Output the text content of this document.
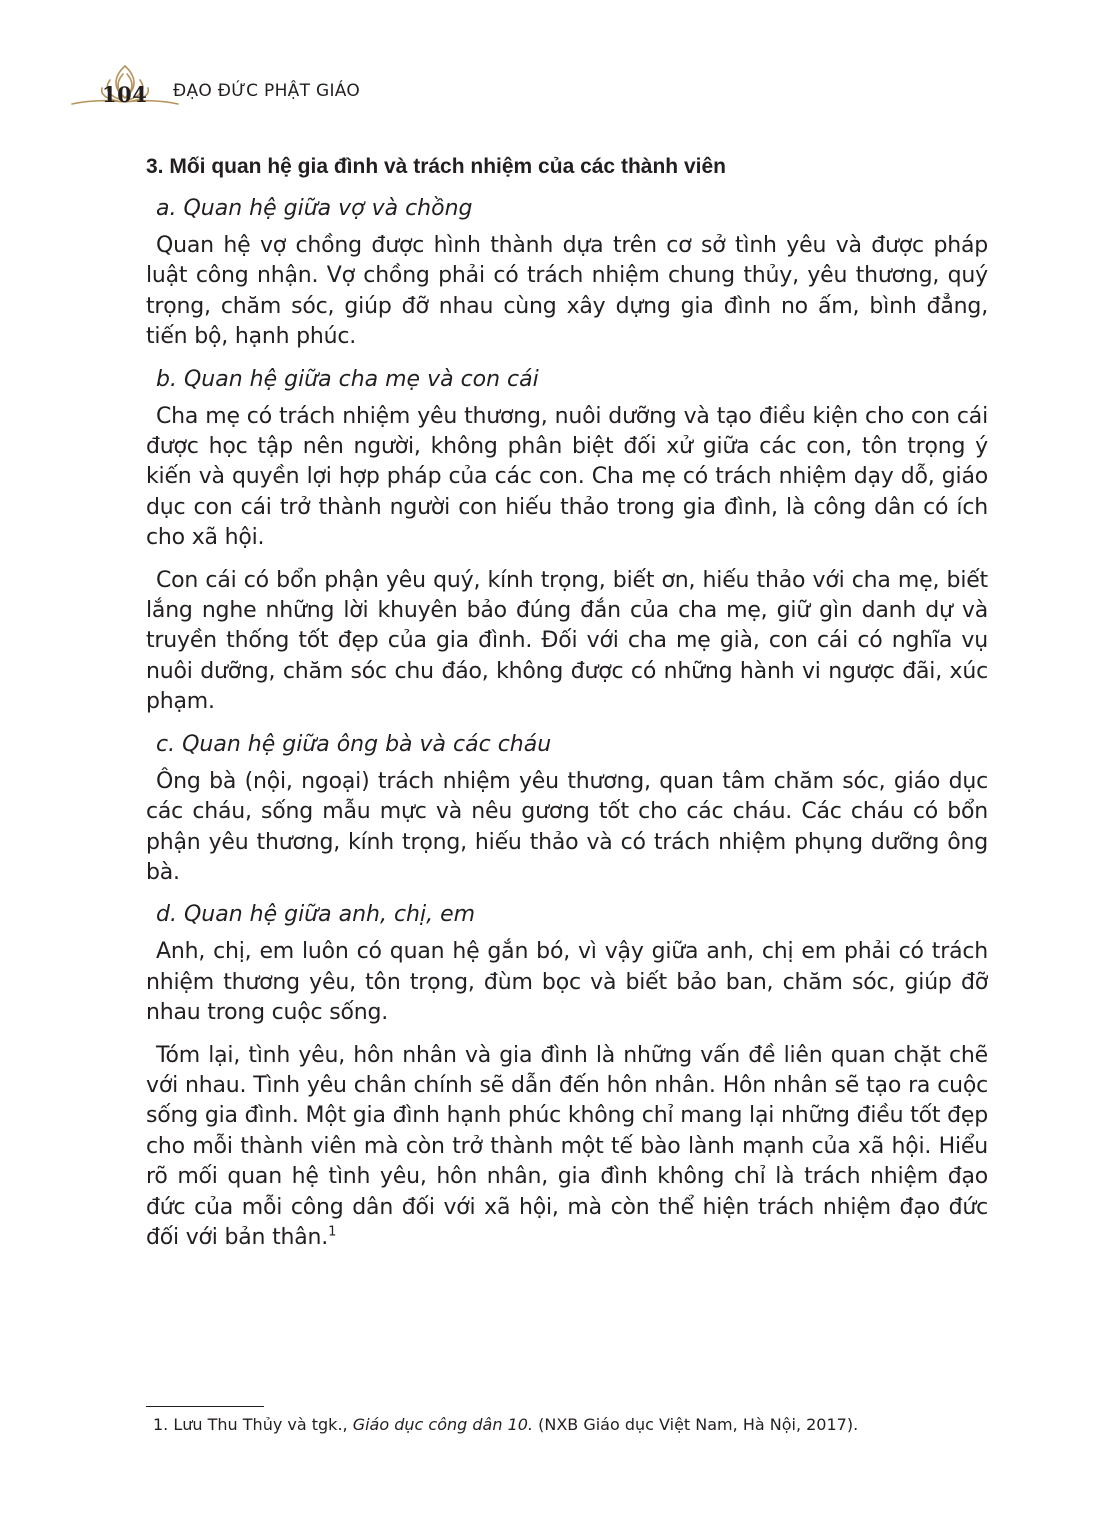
104 ĐẠO ĐỨC PHẬT GIÁO
3. Mối quan hệ gia đình và trách nhiệm của các thành viên

a. Quan hệ giữa vợ và chồng

Quan hệ vợ chồng được hình thành dựa trên cơ sở tình yêu và được pháp luật công nhận. Vợ chồng phải có trách nhiệm chung thủy, yêu thương, quý trọng, chăm sóc, giúp đỡ nhau cùng xây dựng gia đình no ấm, bình đẳng, tiến bộ, hạnh phúc.

b. Quan hệ giữa cha mẹ và con cái

Cha mẹ có trách nhiệm yêu thương, nuôi dưỡng và tạo điều kiện cho con cái được học tập nên người, không phân biệt đối xử giữa các con, tôn trọng ý kiến và quyền lợi hợp pháp của các con. Cha mẹ có trách nhiệm dạy dỗ, giáo dục con cái trở thành người con hiếu thảo trong gia đình, là công dân có ích cho xã hội.

Con cái có bổn phận yêu quý, kính trọng, biết ơn, hiếu thảo với cha mẹ, biết lắng nghe những lời khuyên bảo đúng đắn của cha mẹ, giữ gìn danh dự và truyền thống tốt đẹp của gia đình. Đối với cha mẹ già, con cái có nghĩa vụ nuôi dưỡng, chăm sóc chu đáo, không được có những hành vi ngược đãi, xúc phạm.

c. Quan hệ giữa ông bà và các cháu

Ông bà (nội, ngoại) trách nhiệm yêu thương, quan tâm chăm sóc, giáo dục các cháu, sống mẫu mực và nêu gương tốt cho các cháu. Các cháu có bổn phận yêu thương, kính trọng, hiếu thảo và có trách nhiệm phụng dưỡng ông bà.

d. Quan hệ giữa anh, chị, em

Anh, chị, em luôn có quan hệ gắn bó, vì vậy giữa anh, chị em phải có trách nhiệm thương yêu, tôn trọng, đùm bọc và biết bảo ban, chăm sóc, giúp đỡ nhau trong cuộc sống.

Tóm lại, tình yêu, hôn nhân và gia đình là những vấn đề liên quan chặt chẽ với nhau. Tình yêu chân chính sẽ dẫn đến hôn nhân. Hôn nhân sẽ tạo ra cuộc sống gia đình. Một gia đình hạnh phúc không chỉ mang lại những điều tốt đẹp cho mỗi thành viên mà còn trở thành một tế bào lành mạnh của xã hội. Hiểu rõ mối quan hệ tình yêu, hôn nhân, gia đình không chỉ là trách nhiệm đạo đức của mỗi công dân đối với xã hội, mà còn thể hiện trách nhiệm đạo đức đối với bản thân.$^1$

1. Lưu Thu Thủy và tgk., Giáo dục công dân 10. (NXB Giáo dục Việt Nam, Hà Nội, 2017).
